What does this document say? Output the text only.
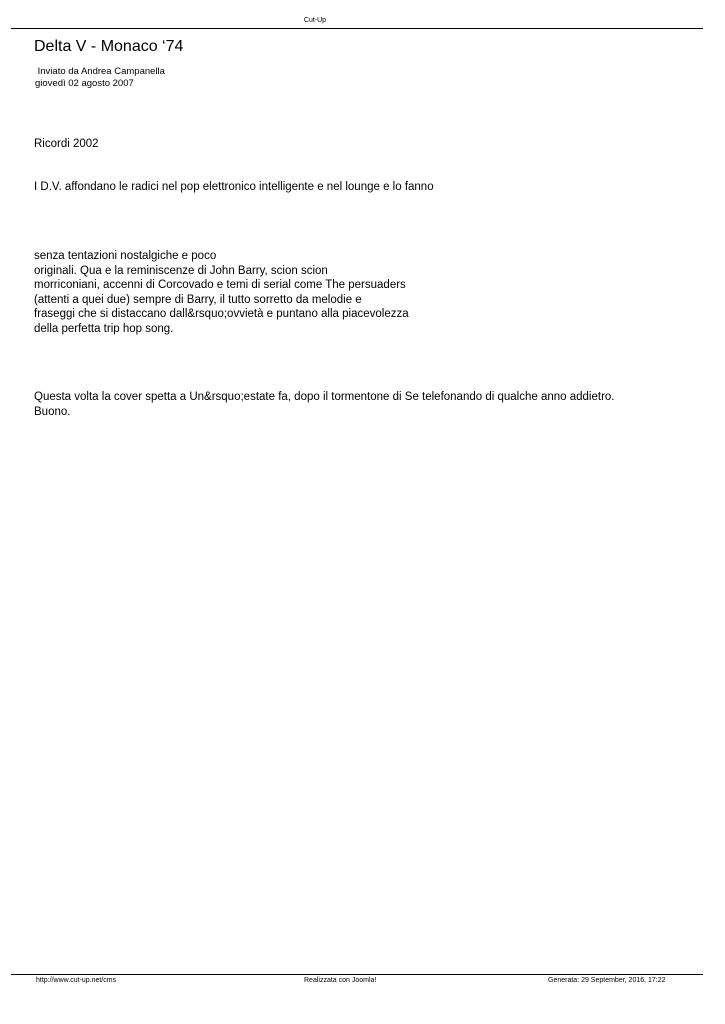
Cut-Up
Delta V - Monaco ‘74
Inviato da Andrea Campanella
giovedì 02 agosto 2007

Ricordi 2002

I D.V. affondano le radici nel pop elettronico intelligente e nel lounge e lo fanno

senza tentazioni nostalgiche e poco
originali. Qua e la reminiscenze di John Barry, scion scion
morriconiani, accenni di Corcovado e temi di serial come The persuaders
(attenti a quei due) sempre di Barry, il tutto sorretto da melodie e
fraseggi che si distaccano dall&rsquo;ovvietà e puntano alla piacevolezza
della perfetta trip hop song.

Questa volta la cover spetta a Un&rsquo;estate fa, dopo il tormentone di Se telefonando di qualche anno addietro.
Buono.

http://www.cut-up.net/cms	Realizzata con Joomla!	Generata: 29 September, 2016, 17:22
